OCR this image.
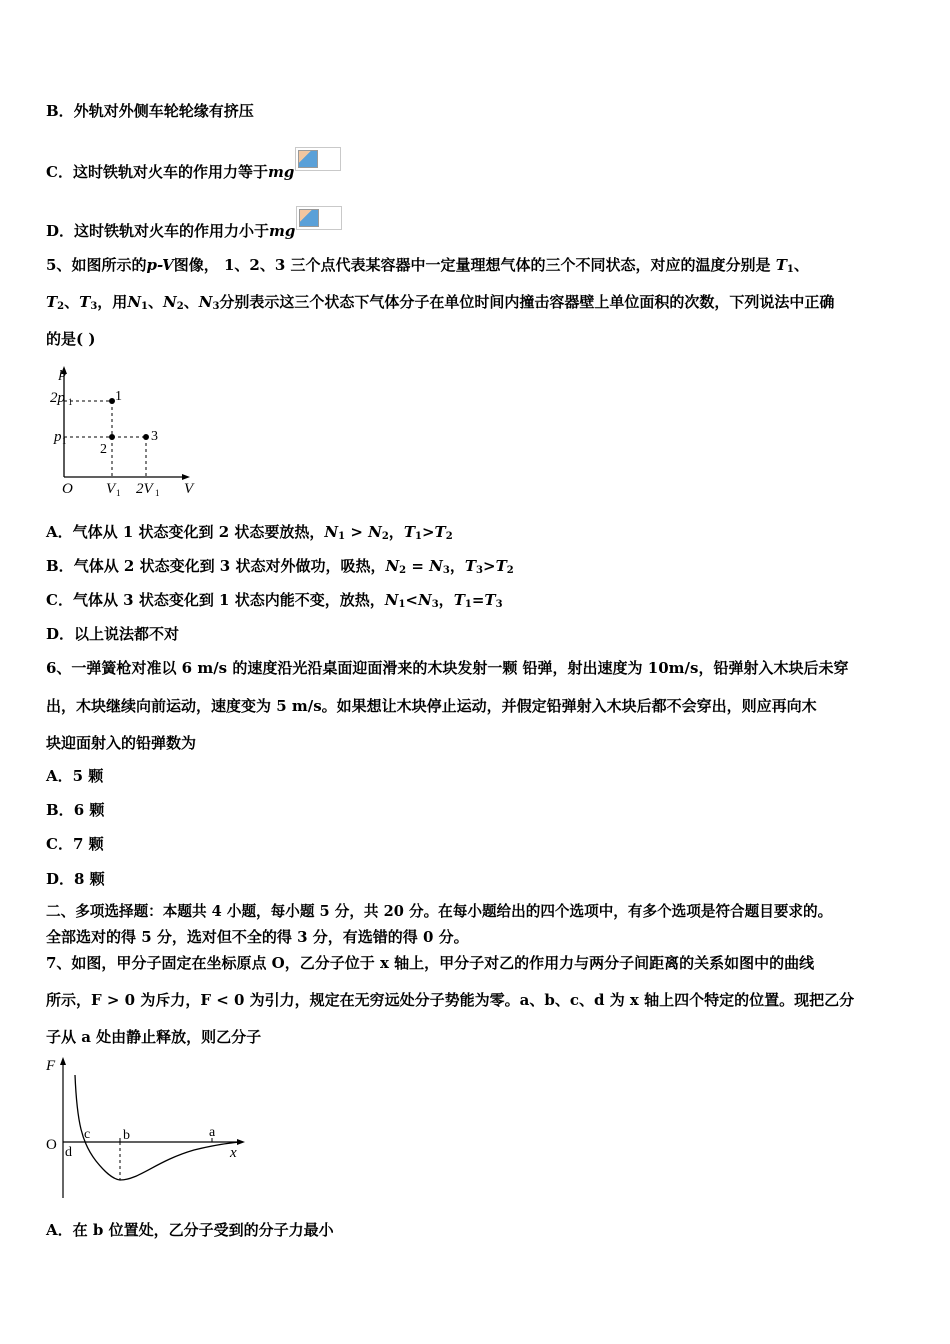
B．外轨对外侧车轮轮缘有挤压
C．这时铁轨对火车的作用力等于mg
D．这时铁轨对火车的作用力小于mg
5、如图所示的p-V图像， 1、2、3 三个点代表某容器中一定量理想气体的三个不同状态，对应的温度分别是 $T_1$、
$T_2$、$T_3$，用$N_1$、$N_2$、$N_3$分别表示这三个状态下气体分子在单位时间内撞击容器壁上单位面积的次数，下列说法中正确
的是( )
p
V
O
2p 1
p 1
V 1 2V 1
1
2
3
A．气体从 1 状态变化到 2 状态要放热，$N_1 > N_2$，$T_1>T_2$
B．气体从 2 状态变化到 3 状态对外做功，吸热，$N_2 = N_3$，$T_3>T_2$
C．气体从 3 状态变化到 1 状态内能不变，放热，$N_1<N_3$，$T_1=T_3$
D．以上说法都不对
6、一弹簧枪对准以 6 m/s 的速度沿光沿桌面迎面滑来的木块发射一颗 铅弹，射出速度为 10m/s，铅弹射入木块后未穿
出，木块继续向前运动，速度变为 5 m/s。如果想让木块停止运动，并假定铅弹射入木块后都不会穿出，则应再向木
块迎面射入的铅弹数为
A．5 颗
B．6 颗
C．7 颗
D．8 颗
二、多项选择题：本题共 4 小题，每小题 5 分，共 20 分。在每小题给出的四个选项中，有多个选项是符合题目要求的。
全部选对的得 5 分，选对但不全的得 3 分，有选错的得 0 分。
7、如图，甲分子固定在坐标原点 O，乙分子位于 x 轴上，甲分子对乙的作用力与两分子间距离的关系如图中的曲线
所示，F > 0 为斥力，F < 0 为引力，规定在无穷远处分子势能为零。a、b、c、d 为 x 轴上四个特定的位置。现把乙分
子从 a 处由静止释放，则乙分子
F
x
O
c b	a
d
A．在 b 位置处，乙分子受到的分子力最小
